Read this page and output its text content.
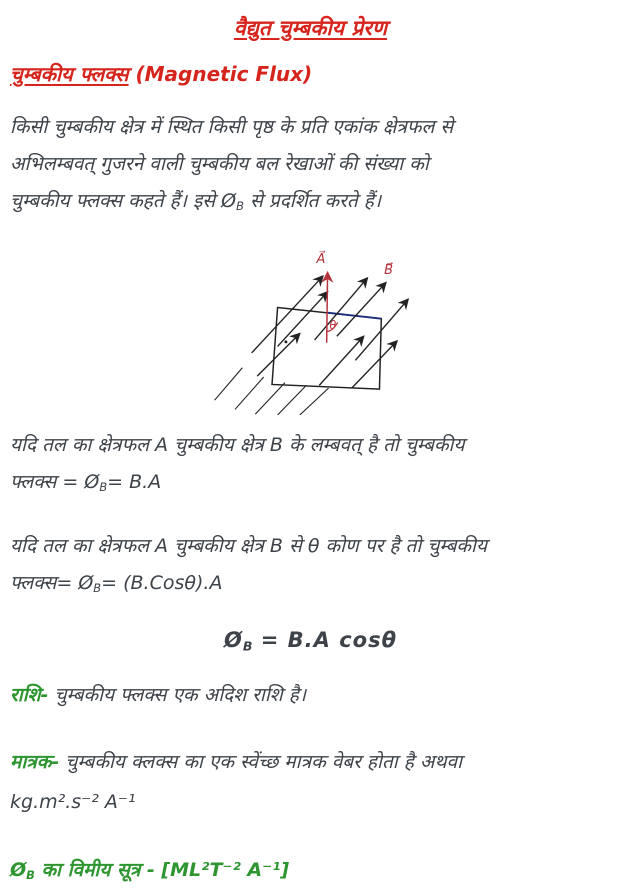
वैद्युत चुम्बकीय प्रेरण
चुम्बकीय फ्लक्स (Magnetic Flux)

किसी चुम्बकीय क्षेत्र में स्थित किसी पृष्ठ के प्रति एकांक क्षेत्रफल से
अभिलम्बवत् गुजरने वाली चुम्बकीय बल रेखाओं की संख्या को
चुम्बकीय फ्लक्स कहते हैं। इसे $Ø_B$ से प्रदर्शित करते हैं।

A⃗
B⃗
θ

यदि तल का क्षेत्रफल A चुम्बकीय क्षेत्र B के लम्बवत् है तो चुम्बकीय
फ्लक्स = $Ø_B= B.A$

यदि तल का क्षेत्रफल A चुम्बकीय क्षेत्र B से θ कोण पर है तो चुम्बकीय
फ्लक्स= $Ø_B= (B.Cos\theta).A$

$Ø_B = B.A$ cosθ

राशि- चुम्बकीय फ्लक्स एक अदिश राशि है।

मात्रक- चुम्बकीय क्लक्स का एक स्वेंच्छ मात्रक वेबर होता है अथवा
kg.m².s⁻² A⁻¹

$Ø_B$ का विमीय सूत्र - [ML²T⁻² A⁻¹]
